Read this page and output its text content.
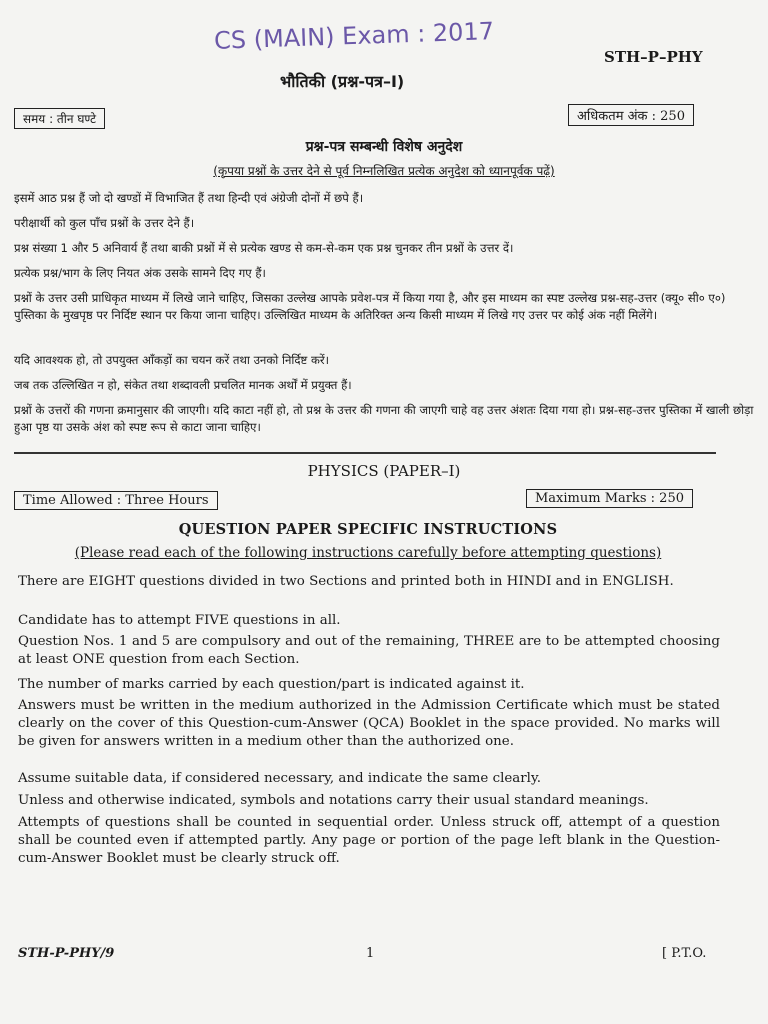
CS (MAIN) Exam : 2017
STH–P–PHY
भौतिकी (प्रश्न-पत्र–I)
समय : तीन घण्टे	अधिकतम अंक : 250
प्रश्न-पत्र सम्बन्धी विशेष अनुदेश
(कृपया प्रश्नों के उत्तर देने से पूर्व निम्नलिखित प्रत्येक अनुदेश को ध्यानपूर्वक पढ़ें)
इसमें आठ प्रश्न हैं जो दो खण्डों में विभाजित हैं तथा हिन्दी एवं अंग्रेजी दोनों में छपे हैं।
परीक्षार्थी को कुल पाँच प्रश्नों के उत्तर देने हैं।
प्रश्न संख्या 1 और 5 अनिवार्य हैं तथा बाकी प्रश्नों में से प्रत्येक खण्ड से कम-से-कम एक प्रश्न चुनकर तीन प्रश्नों के उत्तर दें।
प्रत्येक प्रश्न/भाग के लिए नियत अंक उसके सामने दिए गए हैं।
प्रश्नों के उत्तर उसी प्राधिकृत माध्यम में लिखे जाने चाहिए, जिसका उल्लेख आपके प्रवेश-पत्र में किया गया है, और इस माध्यम का स्पष्ट उल्लेख प्रश्न-सह-उत्तर (क्यू० सी० ए०) पुस्तिका के मुखपृष्ठ पर निर्दिष्ट स्थान पर किया जाना चाहिए। उल्लिखित माध्यम के अतिरिक्त अन्य किसी माध्यम में लिखे गए उत्तर पर कोई अंक नहीं मिलेंगे।
यदि आवश्यक हो, तो उपयुक्त आँकड़ों का चयन करें तथा उनको निर्दिष्ट करें।
जब तक उल्लिखित न हो, संकेत तथा शब्दावली प्रचलित मानक अर्थों में प्रयुक्त हैं।
प्रश्नों के उत्तरों की गणना क्रमानुसार की जाएगी। यदि काटा नहीं हो, तो प्रश्न के उत्तर की गणना की जाएगी चाहे वह उत्तर अंशतः दिया गया हो। प्रश्न-सह-उत्तर पुस्तिका में खाली छोड़ा हुआ पृष्ठ या उसके अंश को स्पष्ट रूप से काटा जाना चाहिए।
PHYSICS (PAPER–I)
Time Allowed : Three Hours	Maximum Marks : 250
QUESTION PAPER SPECIFIC INSTRUCTIONS
(Please read each of the following instructions carefully before attempting questions)
There are EIGHT questions divided in two Sections and printed both in HINDI and in ENGLISH.
Candidate has to attempt FIVE questions in all.
Question Nos. 1 and 5 are compulsory and out of the remaining, THREE are to be attempted choosing at least ONE question from each Section.
The number of marks carried by each question/part is indicated against it.
Answers must be written in the medium authorized in the Admission Certificate which must be stated clearly on the cover of this Question-cum-Answer (QCA) Booklet in the space provided. No marks will be given for answers written in a medium other than the authorized one.
Assume suitable data, if considered necessary, and indicate the same clearly.
Unless and otherwise indicated, symbols and notations carry their usual standard meanings.
Attempts of questions shall be counted in sequential order. Unless struck off, attempt of a question shall be counted even if attempted partly. Any page or portion of the page left blank in the Question-cum-Answer Booklet must be clearly struck off.
STH-P-PHY/9	1	[ P.T.O.
